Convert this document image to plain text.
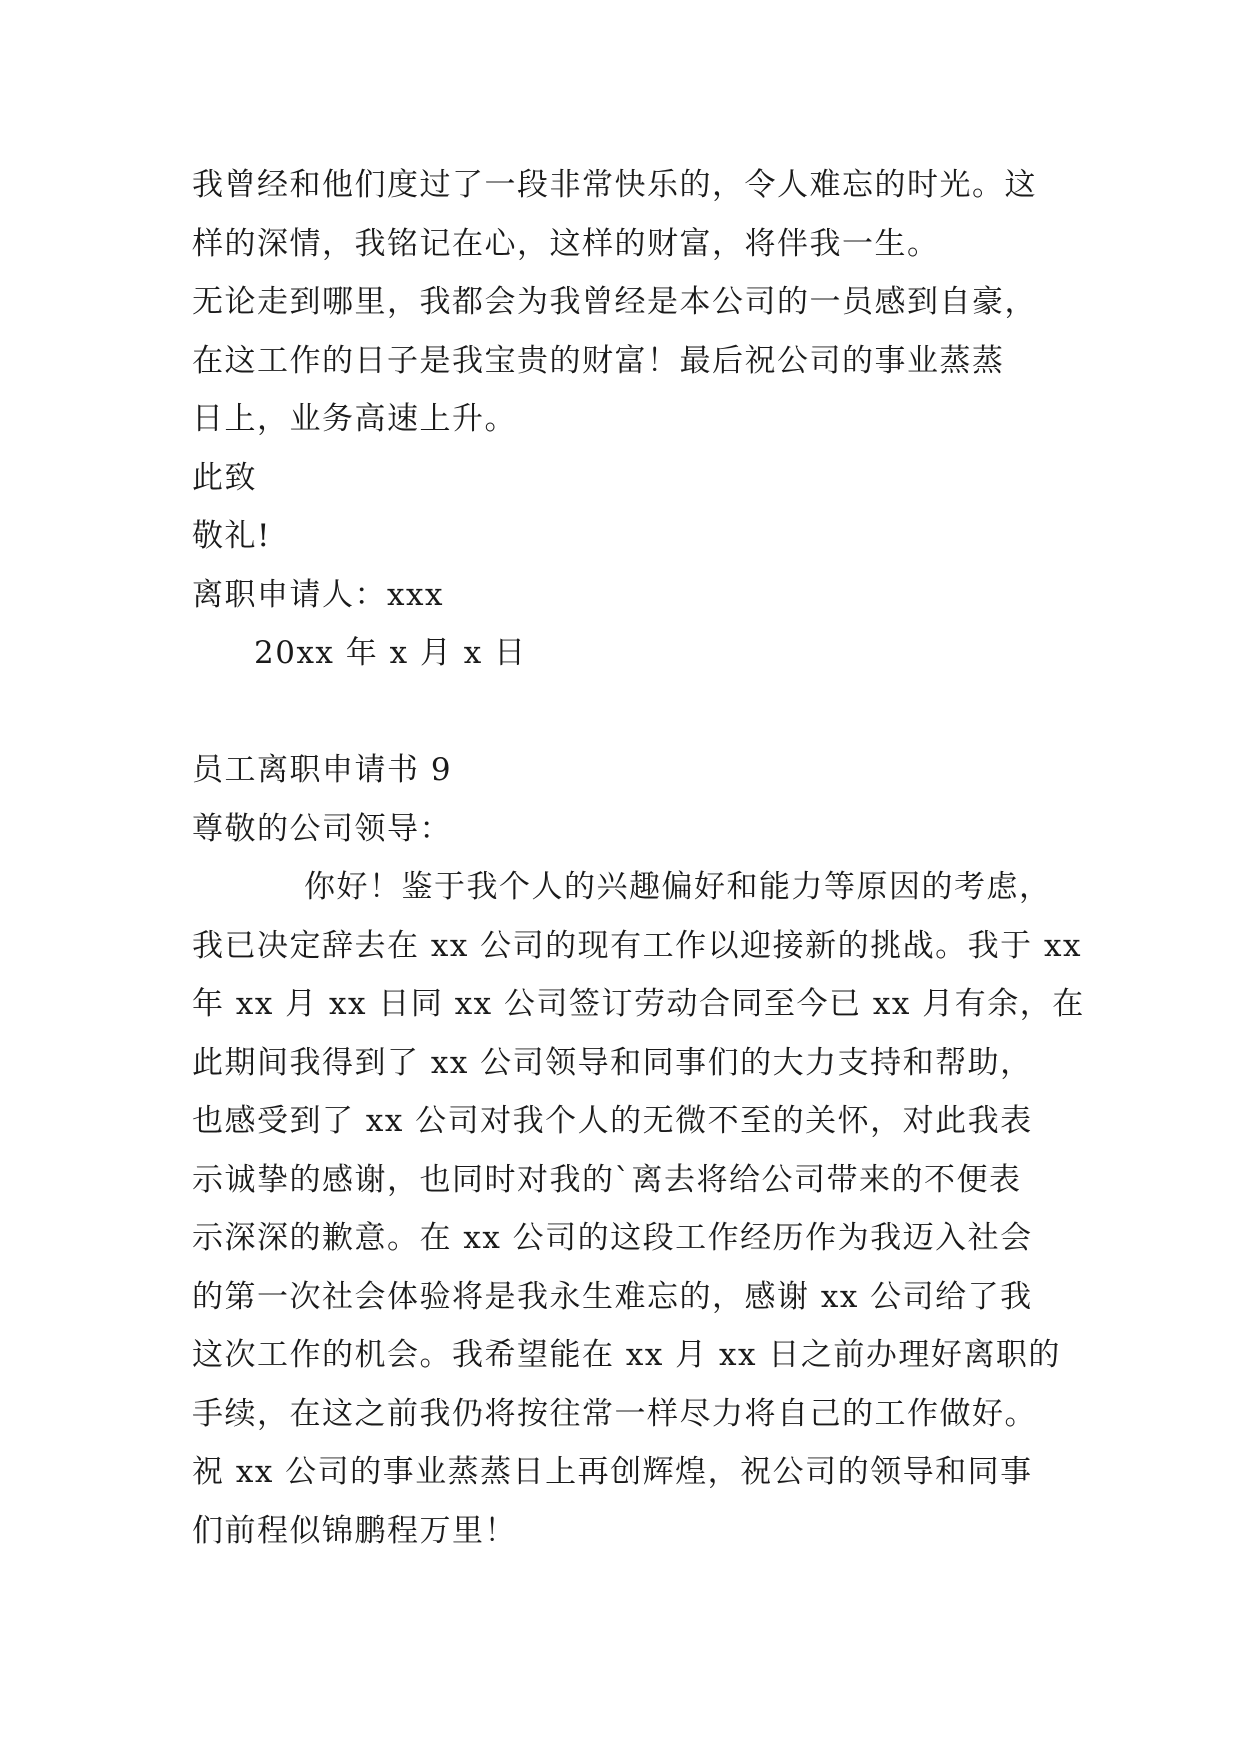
我曾经和他们度过了一段非常快乐的，令人难忘的时光。这
样的深情，我铭记在心，这样的财富，将伴我一生。
无论走到哪里，我都会为我曾经是本公司的一员感到自豪，
在这工作的日子是我宝贵的财富！最后祝公司的事业蒸蒸
日上，业务高速上升。
此致
敬礼!
离职申请人：xxx
20xx 年 x 月 x 日
员工离职申请书 9
尊敬的公司领导：
你好！鉴于我个人的兴趣偏好和能力等原因的考虑，
我已决定辞去在 xx 公司的现有工作以迎接新的挑战。我于 xx
年 xx 月 xx 日同 xx 公司签订劳动合同至今已 xx 月有余，在
此期间我得到了 xx 公司领导和同事们的大力支持和帮助，
也感受到了 xx 公司对我个人的无微不至的关怀，对此我表
示诚挚的感谢，也同时对我的`离去将给公司带来的不便表
示深深的歉意。在 xx 公司的这段工作经历作为我迈入社会
的第一次社会体验将是我永生难忘的，感谢 xx 公司给了我
这次工作的机会。我希望能在 xx 月 xx 日之前办理好离职的
手续，在这之前我仍将按往常一样尽力将自己的工作做好。
祝 xx 公司的事业蒸蒸日上再创辉煌，祝公司的领导和同事
们前程似锦鹏程万里！
